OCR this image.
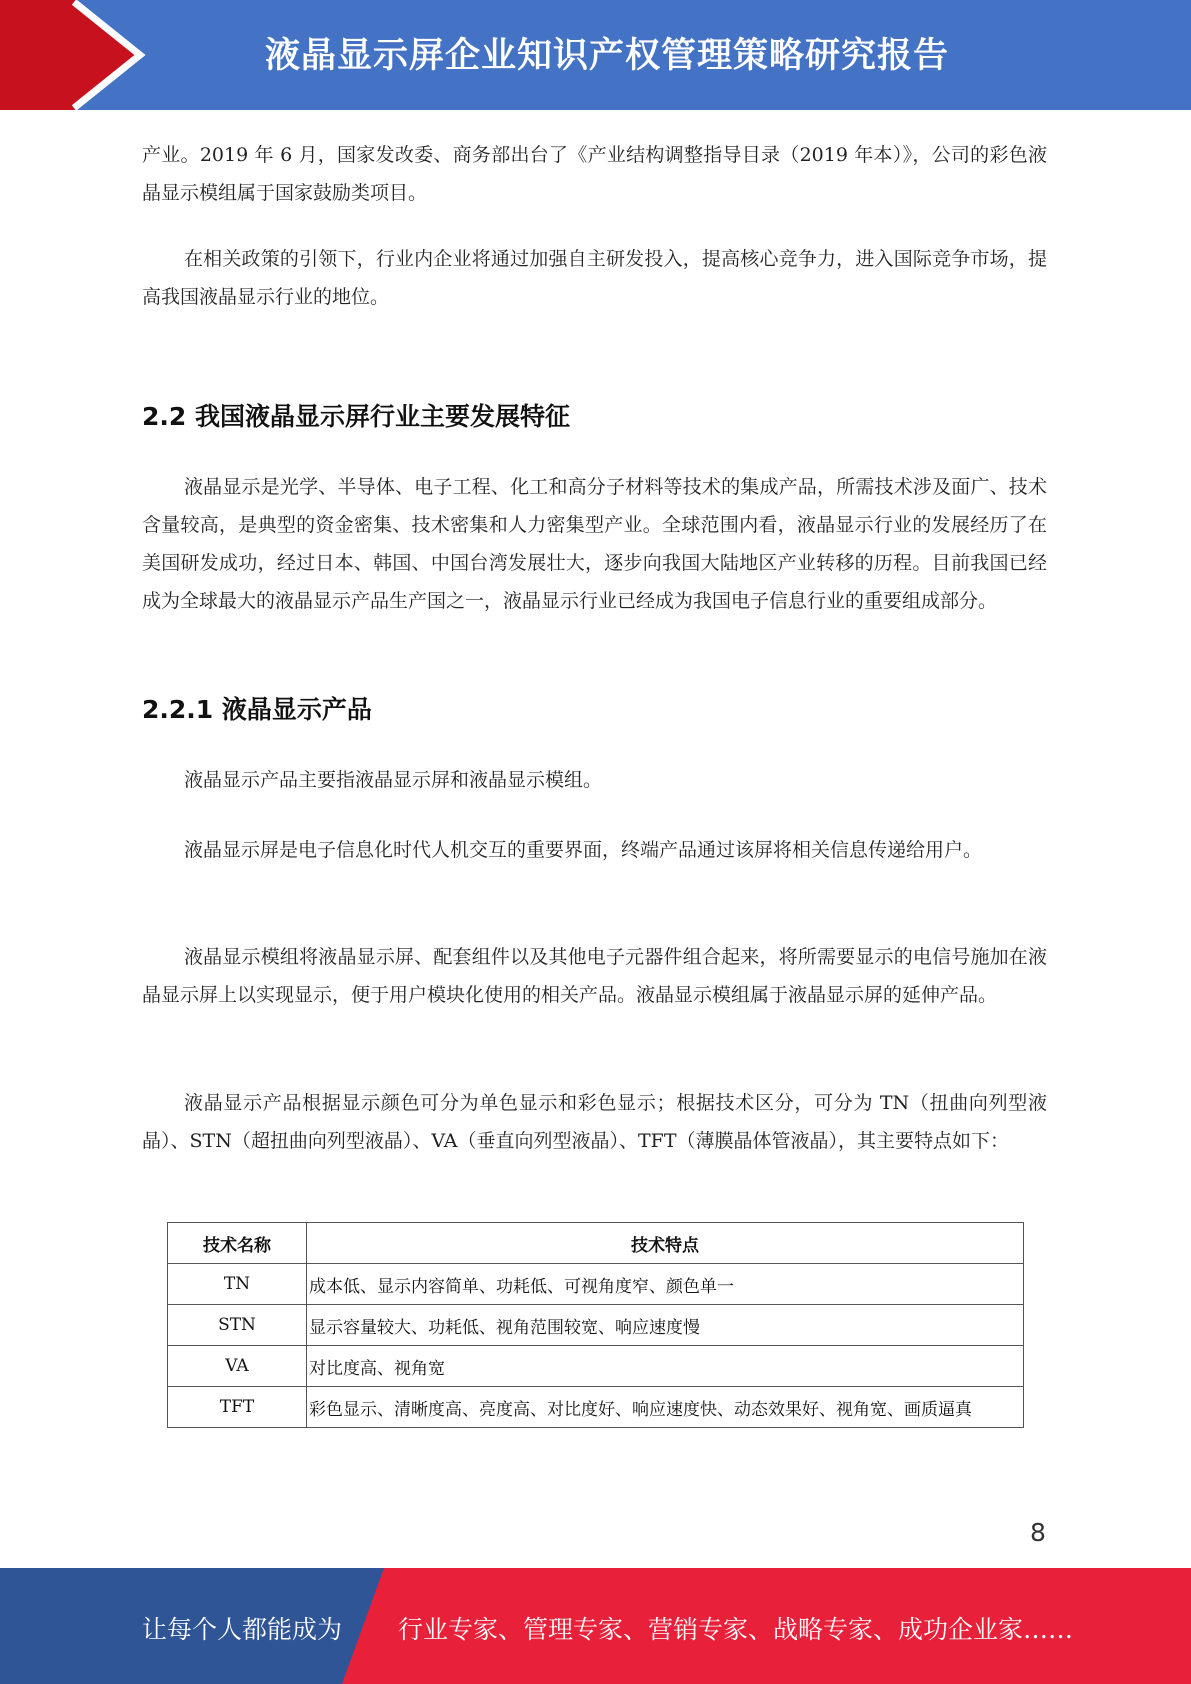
液晶显示屏企业知识产权管理策略研究报告

产业。2019 年 6 月，国家发改委、商务部出台了《产业结构调整指导目录（2019 年本）》，公司的彩色液晶显示模组属于国家鼓励类项目。

在相关政策的引领下，行业内企业将通过加强自主研发投入，提高核心竞争力，进入国际竞争市场，提高我国液晶显示行业的地位。

2.2 我国液晶显示屏行业主要发展特征

液晶显示是光学、半导体、电子工程、化工和高分子材料等技术的集成产品，所需技术涉及面广、技术含量较高，是典型的资金密集、技术密集和人力密集型产业。全球范围内看，液晶显示行业的发展经历了在美国研发成功，经过日本、韩国、中国台湾发展壮大，逐步向我国大陆地区产业转移的历程。目前我国已经成为全球最大的液晶显示产品生产国之一，液晶显示行业已经成为我国电子信息行业的重要组成部分。

2.2.1 液晶显示产品

液晶显示产品主要指液晶显示屏和液晶显示模组。

液晶显示屏是电子信息化时代人机交互的重要界面，终端产品通过该屏将相关信息传递给用户。

液晶显示模组将液晶显示屏、配套组件以及其他电子元器件组合起来，将所需要显示的电信号施加在液晶显示屏上以实现显示，便于用户模块化使用的相关产品。液晶显示模组属于液晶显示屏的延伸产品。

液晶显示产品根据显示颜色可分为单色显示和彩色显示；根据技术区分，可分为 TN（扭曲向列型液晶）、STN（超扭曲向列型液晶）、VA（垂直向列型液晶）、TFT（薄膜晶体管液晶），其主要特点如下：

技术名称	技术特点
TN	成本低、显示内容简单、功耗低、可视角度窄、颜色单一
STN	显示容量较大、功耗低、视角范围较宽、响应速度慢
VA	对比度高、视角宽
TFT	彩色显示、清晰度高、亮度高、对比度好、响应速度快、动态效果好、视角宽、画质逼真
8
让每个人都能成为 行业专家、管理专家、营销专家、战略专家、成功企业家……
